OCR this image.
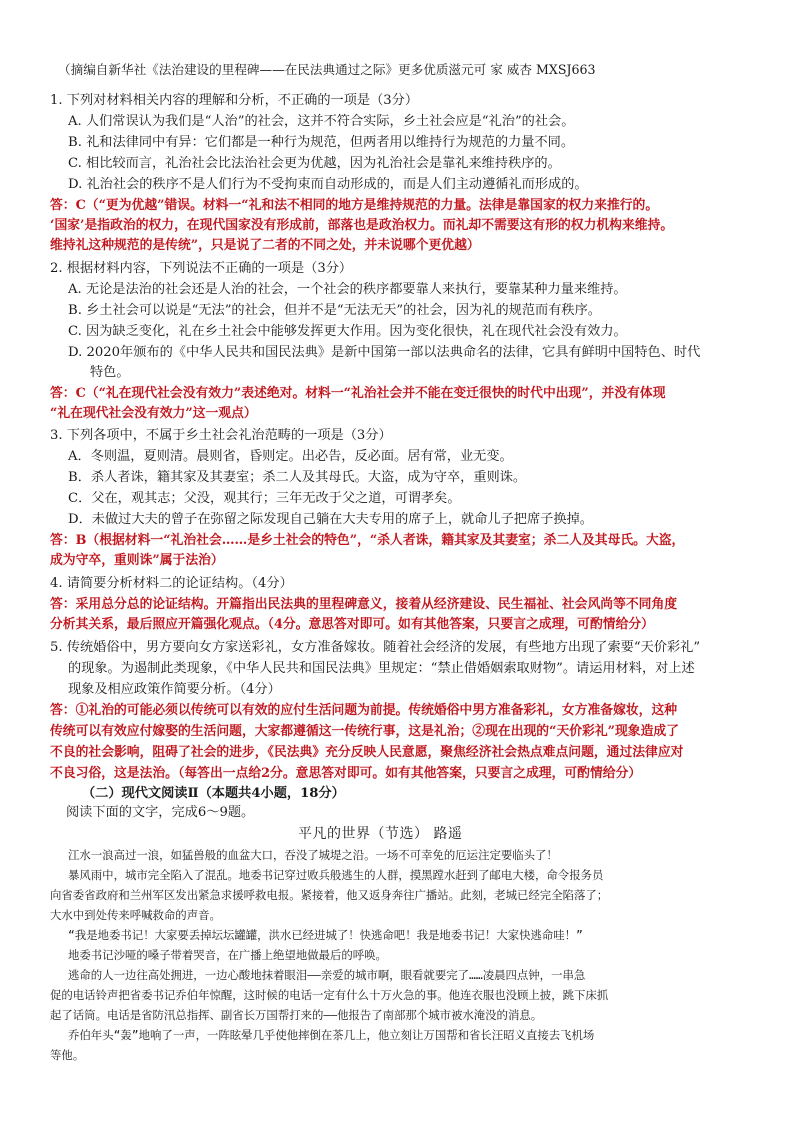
（摘编自新华社《法治建设的里程碑——在民法典通过之际》更多优质滋元可 家 威杏 MXSJ663
1. 下列对材料相关内容的理解和分析，不正确的一项是（3分）
A. 人们常误认为我们是“人治”的社会，这并不符合实际，乡土社会应是“礼治”的社会。
B. 礼和法律同中有异：它们都是一种行为规范，但两者用以维持行为规范的力量不同。
C. 相比较而言，礼治社会比法治社会更为优越，因为礼治社会是靠礼来维持秩序的。
D. 礼治社会的秩序不是人们行为不受拘束而自动形成的，而是人们主动遵循礼而形成的。
答：C（“更为优越”错误。材料一“礼和法不相同的地方是维持规范的力量。法律是靠国家的权力来推行的。
‘国家’是指政治的权力，在现代国家没有形成前，部落也是政治权力。而礼却不需要这有形的权力机构来维持。
维持礼这种规范的是传统”，只是说了二者的不同之处，并未说哪个更优越）
2. 根据材料内容，下列说法不正确的一项是（3分）
A. 无论是法治的社会还是人治的社会，一个社会的秩序都要靠人来执行，要靠某种力量来维持。
B. 乡土社会可以说是“无法”的社会，但并不是“无法无天”的社会，因为礼的规范而有秩序。
C. 因为缺乏变化，礼在乡土社会中能够发挥更大作用。因为变化很快，礼在现代社会没有效力。
D. 2020年颁布的《中华人民共和国民法典》是新中国第一部以法典命名的法律，它具有鲜明中国特色、时代
特色。
答：C（“礼在现代社会没有效力”表述绝对。材料一“礼治社会并不能在变迁很快的时代中出现”，并没有体现
“礼在现代社会没有效力”这一观点）
3. 下列各项中，不属于乡土社会礼治范畴的一项是（3分）
A．冬则温，夏则清。晨则省，昏则定。出必告，反必面。居有常，业无变。
B．杀人者诛，籍其家及其妻室；杀二人及其母氏。大盗，成为守卒，重则诛。
C．父在，观其志；父没，观其行；三年无改于父之道，可谓孝矣。
D．未做过大夫的曾子在弥留之际发现自己躺在大夫专用的席子上，就命儿子把席子换掉。
答：B（根据材料一“礼治社会……是乡土社会的特色”，“杀人者诛，籍其家及其妻室；杀二人及其母氏。大盗，
成为守卒，重则诛”属于法治）
4. 请简要分析材料二的论证结构。（4分）
答：采用总分总的论证结构。开篇指出民法典的里程碑意义，接着从经济建设、民生福祉、社会风尚等不同角度
分析其关系，最后照应开篇强化观点。（4分。意思答对即可。如有其他答案，只要言之成理，可酌情给分）
5. 传统婚俗中，男方要向女方家送彩礼，女方准备嫁妆。随着社会经济的发展，有些地方出现了索要“天价彩礼”
的现象。为遏制此类现象，《中华人民共和国民法典》里规定：“禁止借婚姻索取财物”。请运用材料，对上述
现象及相应政策作简要分析。（4分）
答：①礼治的可能必须以传统可以有效的应付生活问题为前提。传统婚俗中男方准备彩礼，女方准备嫁妆，这种
传统可以有效应付嫁娶的生活问题，大家都遵循这一传统行事，这是礼治；②现在出现的“天价彩礼”现象造成了
不良的社会影响，阻碍了社会的进步，《民法典》充分反映人民意愿，聚焦经济社会热点难点问题，通过法律应对
不良习俗，这是法治。（每答出一点给2分。意思答对即可。如有其他答案，只要言之成理，可酌情给分）
（二）现代文阅读Ⅱ（本题共4小题，18分）
阅读下面的文字，完成6～9题。
平凡的世界（节选） 路遥
江水一浪高过一浪，如猛兽般的血盆大口，吞没了城堤之沿。一场不可幸免的厄运注定要临头了！
暴风雨中，城市完全陷入了混乱。地委书记穿过败兵般逃生的人群，摸黑蹚水赶到了邮电大楼，命令报务员
向省委省政府和兰州军区发出紧急求援呼救电报。紧接着，他又返身奔往广播站。此刻，老城已经完全陷落了；
大水中到处传来呼喊救命的声音。
“我是地委书记！大家要丢掉坛坛罐罐，洪水已经进城了！快逃命吧！我是地委书记！大家快逃命哇！”
地委书记沙哑的嗓子带着哭音，在广播上绝望地做最后的呼唤。
逃命的人一边往高处拥进，一边心酸地抹着眼泪——亲爱的城市啊，眼看就要完了……凌晨四点钟，一串急
促的电话铃声把省委书记乔伯年惊醒，这时候的电话一定有什么十万火急的事。他连衣服也没顾上披，跳下床抓
起了话筒。电话是省防汛总指挥、副省长万国帮打来的——他报告了南部那个城市被水淹没的消息。
乔伯年头“轰”地响了一声，一阵眩晕几乎使他摔倒在茶几上，他立刻让万国帮和省长汪昭义直接去飞机场
等他。
